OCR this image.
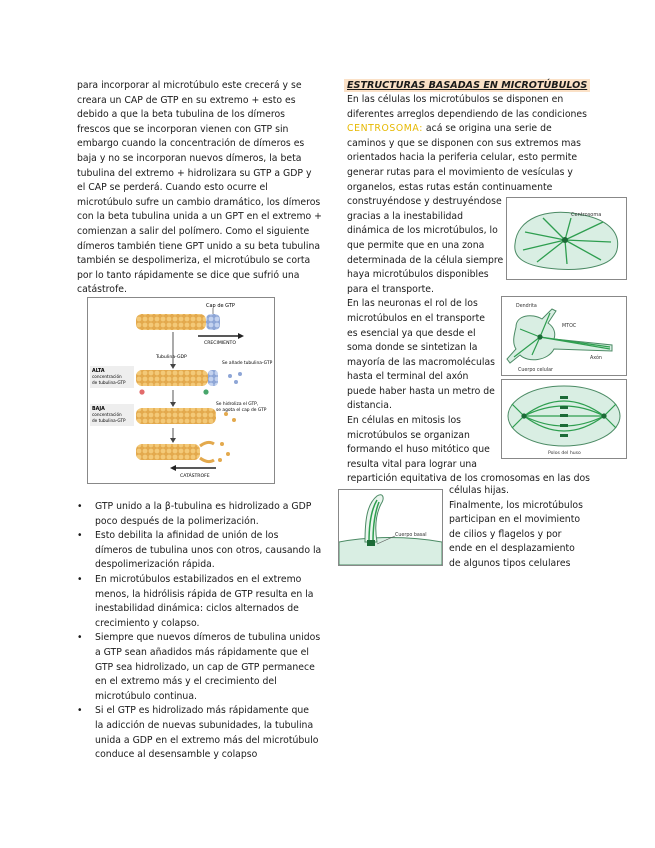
para incorporar al microtúbulo este crecerá y se
creara un CAP de GTP en su extremo + esto es
debido a que la beta tubulina de los dímeros
frescos que se incorporan vienen con GTP sin
embargo cuando la concentración de dímeros es
baja y no se incorporan nuevos dímeros, la beta
tubulina del extremo + hidrolizara su GTP a GDP y
el CAP se perderá. Cuando esto ocurre el
microtúbulo sufre un cambio dramático, los dímeros
con la beta tubulina unida a un GPT en el extremo +
comienzan a salir del polímero. Como el siguiente
dímeros también tiene GPT unido a su beta tubulina
también se despolimeriza, el microtúbulo se corta
por lo tanto rápidamente se dice que sufrió una
catástrofe.
Cap de GTP
CRECIMIENTO
Tubulina-GDP
Se añade tubulina-GTP
ALTA
concentración
de tubulina-GTP
BAJA
concentración
de tubulina-GTP
Se hidroliza el GTP,
se agota el cap de GTP
CATÁSTROFE
• GTP unido a la β-tubulina es hidrolizado a GDP
poco después de la polimerización.
• Esto debilita la afinidad de unión de los
dímeros de tubulina unos con otros, causando la
despolimerización rápida.
• En microtúbulos estabilizados en el extremo
menos, la hidrólisis rápida de GTP resulta en la
inestabilidad dinámica: ciclos alternados de
crecimiento y colapso.
• Siempre que nuevos dímeros de tubulina unidos
a GTP sean añadidos más rápidamente que el
GTP sea hidrolizado, un cap de GTP permanece
en el extremo más y el crecimiento del
microtúbulo continua.
• Si el GTP es hidrolizado más rápidamente que
la adicción de nuevas subunidades, la tubulina
unida a GDP en el extremo más del microtúbulo
conduce al desensamble y colapso
ESTRUCTURAS BASADAS EN MICROTÚBULOS
En las células los microtúbulos se disponen en
diferentes arreglos dependiendo de las condiciones
CENTROSOMA: acá se origina una serie de
caminos y que se disponen con sus extremos mas
orientados hacia la periferia celular, esto permite
generar rutas para el movimiento de vesículas y
organelos, estas rutas están continuamente
construyéndose y destruyéndose
gracias a la inestabilidad
dinámica de los microtúbulos, lo
que permite que en una zona
determinada de la célula siempre
haya microtúbulos disponibles
para el transporte.
En las neuronas el rol de los
microtúbulos en el transporte
es esencial ya que desde el
soma donde se sintetizan la
mayoría de las macromoléculas
hasta el terminal del axón
puede haber hasta un metro de
distancia.
En células en mitosis los
microtúbulos se organizan
formando el huso mitótico que
resulta vital para lograr una
repartición equitativa de los cromosomas en las dos
células hijas.
Finalmente, los microtúbulos
participan en el movimiento
de cilios y flagelos y por
ende en el desplazamiento
de algunos tipos celulares
Centrosoma
Dendrita
MTOC
Axón
Cuerpo celular
Polos del huso
Cuerpo basal
